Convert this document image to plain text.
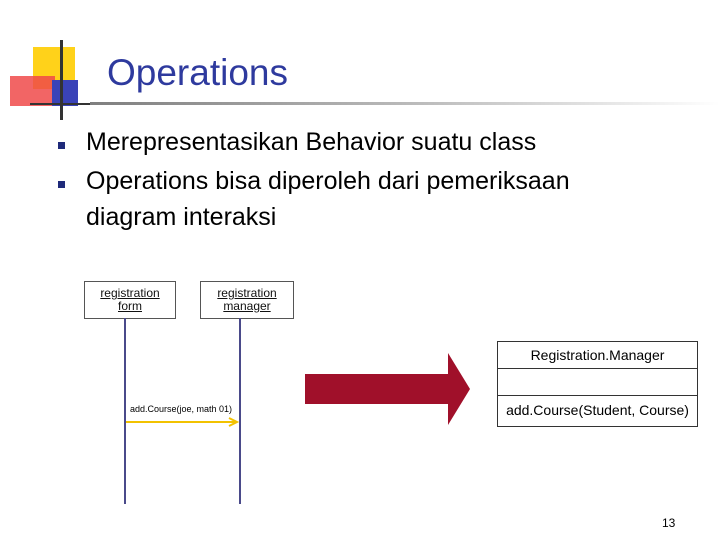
Operations
Merepresentasikan Behavior suatu class
Operations bisa diperoleh dari pemeriksaan
diagram interaksi
registration
form
registration
manager
add.Course(joe, math 01)
Registration.Manager
add.Course(Student, Course)
13
